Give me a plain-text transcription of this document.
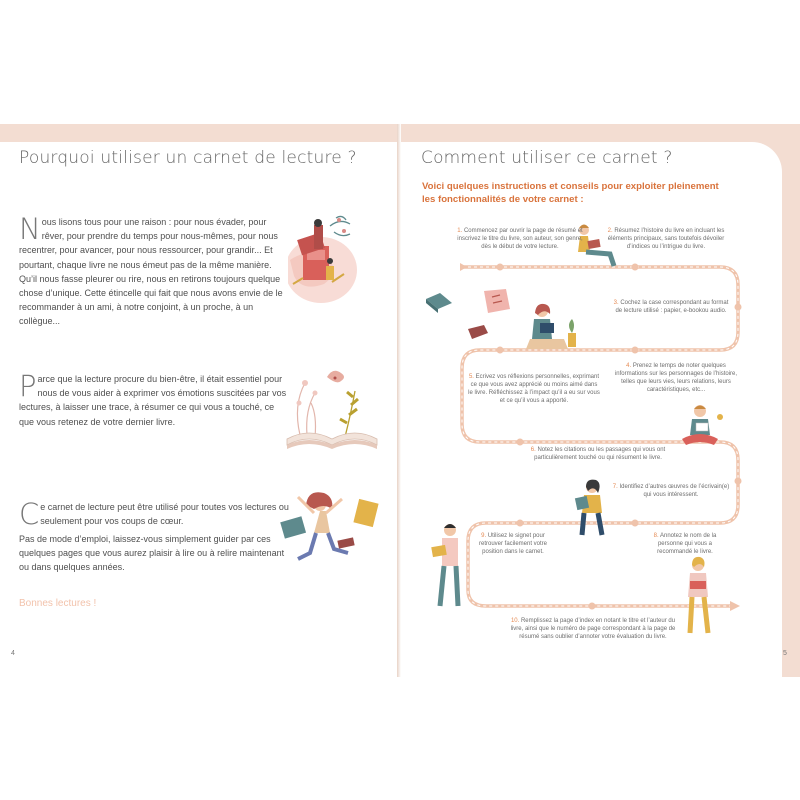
Pourquoi utiliser un carnet de lecture ?
Nous lisons tous pour une raison : pour nous évader, pour rêver, pour prendre du temps pour nous-mêmes, pour nous recentrer, pour avancer, pour nous ressourcer, pour grandir... Et pourtant, chaque livre ne nous émeut pas de la même manière. Qu’il nous fasse pleurer ou rire, nous en retirons toujours quelque chose d’unique. Cette étincelle qui fait que nous avons envie de le recommander à un ami, à notre conjoint, à un proche, à un collègue...
Parce que la lecture procure du bien-être, il était essentiel pour nous de vous aider à exprimer vos émotions suscitées par vos lectures, à laisser une trace, à résumer ce qui vous a touché, ce que vous retenez de votre dernier livre.
Ce carnet de lecture peut être utilisé pour toutes vos lectures ou seulement pour vos coups de cœur.
Pas de mode d’emploi, laissez-vous simplement guider par ces quelques pages que vous aurez plaisir à lire ou à relire maintenant ou dans quelques années.
Bonnes lectures !
4
Comment utiliser ce carnet ?
Voici quelques instructions et conseils pour exploiter pleinement les fonctionnalités de votre carnet :
5
1. Commencez par ouvrir la page de résumé et inscrivez le titre du livre, son auteur, son genre, dès le début de votre lecture.
2. Résumez l’histoire du livre en incluant les éléments principaux, sans toutefois dévoiler d’indices ou l’intrigue du livre.
3. Cochez la case correspondant au format de lecture utilisé : papier, e-bookou audio.
4. Prenez le temps de noter quelques informations sur les personnages de l’histoire, telles que leurs vies, leurs relations, leurs caractéristiques, etc...
5. Ecrivez vos réflexions personnelles, exprimant ce que vous avez apprécié ou moins aimé dans le livre. Réfléchissez à l’impact qu’il a eu sur vous et ce qu’il vous a apporté.
6. Notez les citations ou les passages qui vous ont particulièrement touché ou qui résument le livre.
7. Identifiez d’autres œuvres de l’écrivain(e) qui vous intéressent.
8. Annotez le nom de la personne qui vous a recommandé le livre.
9. Utilisez le signet pour retrouver facilement votre position dans le carnet.
10. Remplissez la page d’index en notant le titre et l’auteur du livre, ainsi que le numéro de page correspondant à la page de résumé sans oublier d’annoter votre évaluation du livre.
